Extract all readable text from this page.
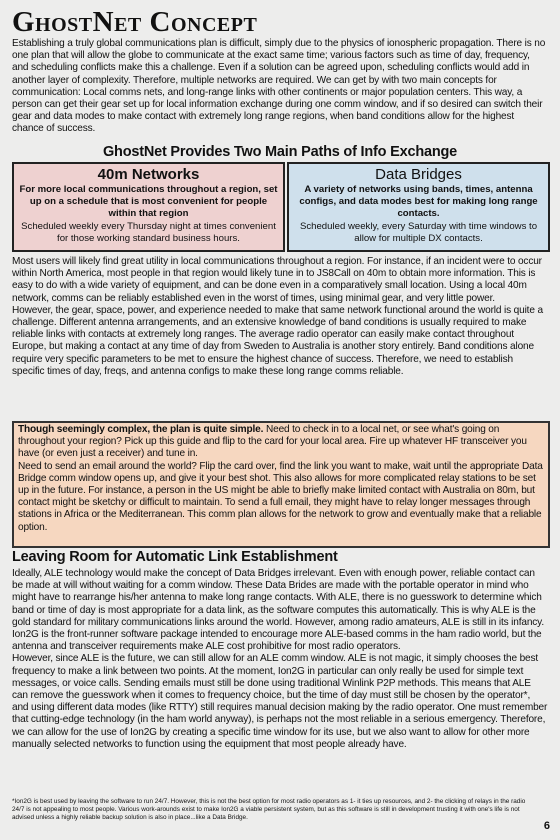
GhostNet Concept

Establishing a truly global communications plan is difficult, simply due to the physics of ionospheric propagation. There is no one plan that will allow the globe to communicate at the exact same time; various factors such as time of day, frequency, and scheduling conflicts make this a challenge. Even if a solution can be agreed upon, scheduling conflicts would add in another layer of complexity. Therefore, multiple networks are required. We can get by with two main concepts for communication: Local comms nets, and long-range links with other continents or major population centers. This way, a person can get their gear set up for local information exchange during one comm window, and if so desired can switch their gear and data modes to make contact with extremely long range regions, when band conditions allow for the highest chance of success.

GhostNet Provides Two Main Paths of Info Exchange
40m Networks

For more local communications throughout a region, set up on a schedule that is most convenient for people within that region

Scheduled weekly every Thursday night at times convenient for those working standard business hours.

Data Bridges

A variety of networks using bands, times, antenna configs, and data modes best for making long range contacts.

Scheduled weekly, every Saturday with time windows to allow for multiple DX contacts.

Most users will likely find great utility in local communications throughout a region. For instance, if an incident were to occur within North America, most people in that region would likely tune in to JS8Call on 40m to obtain more information. This is easy to do with a wide variety of equipment, and can be done even in a comparatively small location. Using a local 40m network, comms can be reliably established even in the worst of times, using minimal gear, and very little power.

However, the gear, space, power, and experience needed to make that same network functional around the world is quite a challenge. Different antenna arrangements, and an extensive knowledge of band conditions is usually required to make reliable links with contacts at extremely long ranges. The average radio operator can easily make contact throughout Europe, but making a contact at any time of day from Sweden to Australia is another story entirely. Band conditions alone require very specific parameters to be met to ensure the highest chance of success. Therefore, we need to establish specific times of day, freqs, and antenna configs to make these long range comms reliable.

Though seemingly complex, the plan is quite simple. Need to check in to a local net, or see what's going on throughout your region? Pick up this guide and flip to the card for your local area. Fire up whatever HF transceiver you have (or even just a receiver) and tune in.

Need to send an email around the world? Flip the card over, find the link you want to make, wait until the appropriate Data Bridge comm window opens up, and give it your best shot. This also allows for more complicated relay stations to be set up in the future. For instance, a person in the US might be able to briefly make limited contact with Australia on 80m, but contact might be sketchy or difficult to maintain. To send a full email, they might have to relay longer messages through stations in Africa or the Mediterranean. This comm plan allows for the network to grow and eventually make that a reliable option.

Leaving Room for Automatic Link Establishment

Ideally, ALE technology would make the concept of Data Bridges irrelevant. Even with enough power, reliable contact can be made at will without waiting for a comm window. These Data Brides are made with the portable operator in mind who might have to rearrange his/her antenna to make long range contacts. With ALE, there is no guesswork to determine which band or time of day is most appropriate for a data link, as the software computes this automatically. This is why ALE is the gold standard for military communications links around the world. However, among radio amateurs, ALE is still in its infancy. Ion2G is the front-runner software package intended to encourage more ALE-based comms in the ham radio world, but the antenna and transceiver requirements make ALE cost prohibitive for most radio operators.

However, since ALE is the future, we can still allow for an ALE comm window. ALE is not magic, it simply chooses the best frequency to make a link between two points. At the moment, Ion2G in particular can only really be used for simple text messages, or voice calls. Sending emails must still be done using traditional Winlink P2P methods. This means that ALE can remove the guesswork when it comes to frequency choice, but the time of day must still be chosen by the operator*, and using different data modes (like RTTY) still requires manual decision making by the radio operator. One must remember that cutting-edge technology (in the ham world anyway), is perhaps not the most reliable in a serious emergency. Therefore, we can allow for the use of Ion2G by creating a specific time window for its use, but we also want to allow for other more manually selected networks to function using the equipment that most people already have.

*Ion2G is best used by leaving the software to run 24/7. However, this is not the best option for most radio operators as 1- it ties up resources, and 2- the clicking of relays in the radio 24/7 is not appealing to most people. Various work-arounds exist to make Ion2G a viable persistent system, but as this software is still in development trusting it with one's life is not advised unless a highly reliable backup solution is also in place...like a Data Bridge.

6
